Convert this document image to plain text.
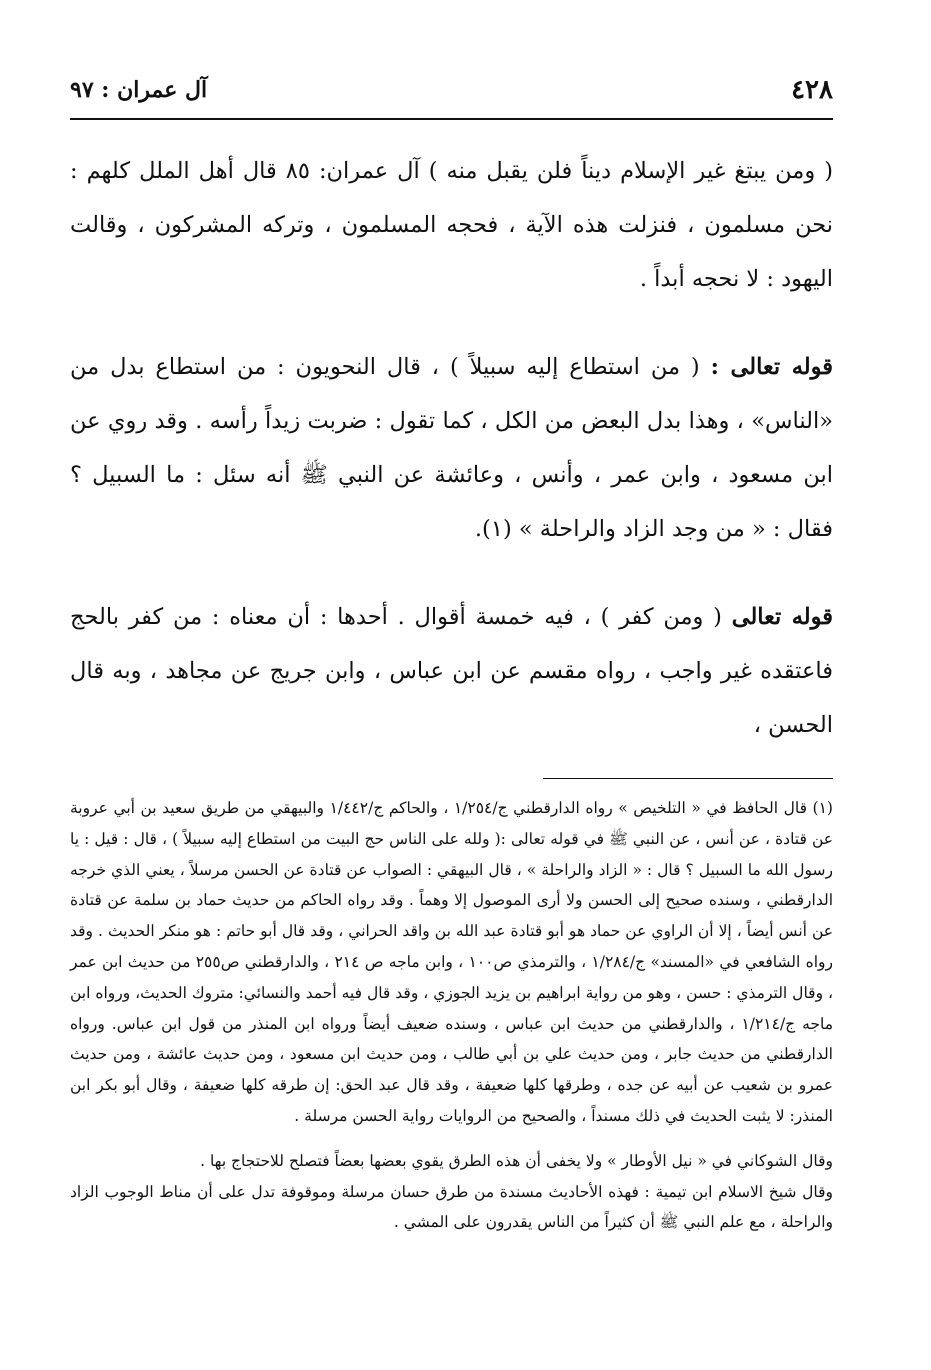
٤٢٨
آل عمران : ٩٧

( ومن يبتغ غير الإسلام ديناً فلن يقبل منه ) آل عمران: ٨٥ قال أهل الملل كلهم : نحن مسلمون ، فنزلت هذه الآية ، فحجه المسلمون ، وتركه المشركون ، وقالت اليهود : لا نحجه أبداً .

قوله تعالى : ( من استطاع إليه سبيلاً ) ، قال النحويون : من استطاع بدل من «الناس» ، وهذا بدل البعض من الكل ، كما تقول : ضربت زيداً رأسه . وقد روي عن ابن مسعود ، وابن عمر ، وأنس ، وعائشة عن النبي ﷺ أنه سئل : ما السبيل ؟ فقال : « من وجد الزاد والراحلة » (١).

قوله تعالى ( ومن كفر ) ، فيه خمسة أقوال . أحدها : أن معناه : من كفر بالحج فاعتقده غير واجب ، رواه مقسم عن ابن عباس ، وابن جريج عن مجاهد ، وبه قال الحسن ،

(١) قال الحافظ في « التلخيص » رواه الدارقطني ج/١/٢٥٤ ، والحاكم ج/١/٤٤٢ والبيهقي من طريق سعيد بن أبي عروبة عن قتادة ، عن أنس ، عن النبي ﷺ في قوله تعالى :( ولله على الناس حج البيت من استطاع إليه سبيلاً ) ، قال : قيل : يا رسول الله ما السبيل ؟ قال : « الزاد والراحلة » ، قال البيهقي : الصواب عن قتادة عن الحسن مرسلاً ، يعني الذي خرجه الدارقطني ، وسنده صحيح إلى الحسن ولا أرى الموصول إلا وهماً . وقد رواه الحاكم من حديث حماد بن سلمة عن قتادة عن أنس أيضاً ، إلا أن الراوي عن حماد هو أبو قتادة عبد الله بن واقد الحراني ، وقد قال أبو حاتم : هو منكر الحديث . وقد رواه الشافعي في «المسند» ج/١/٢٨٤ ، والترمذي ص١٠٠ ، وابن ماجه ص ٢١٤ ، والدارقطني ص٢٥٥ من حديث ابن عمر ، وقال الترمذي : حسن ، وهو من رواية ابراهيم بن يزيد الجوزي ، وقد قال فيه أحمد والنسائي: متروك الحديث، ورواه ابن ماجه ج/١/٢١٤ ، والدارقطني من حديث ابن عباس ، وسنده ضعيف أيضاً ورواه ابن المنذر من قول ابن عباس. ورواه الدارقطني من حديث جابر ، ومن حديث علي بن أبي طالب ، ومن حديث ابن مسعود ، ومن حديث عائشة ، ومن حديث عمرو بن شعيب عن أبيه عن جده ، وطرقها كلها ضعيفة ، وقد قال عبد الحق: إن طرقه كلها ضعيفة ، وقال أبو بكر ابن المنذر: لا يثبت الحديث في ذلك مسنداً ، والصحيح من الروايات رواية الحسن مرسلة .

وقال الشوكاني في « نيل الأوطار » ولا يخفى أن هذه الطرق يقوي بعضها بعضاً فتصلح للاحتجاج بها .

وقال شيخ الاسلام ابن تيمية : فهذه الأحاديث مسندة من طرق حسان مرسلة وموقوفة تدل على أن مناط الوجوب الزاد والراحلة ، مع علم النبي ﷺ أن كثيراً من الناس يقدرون على المشي .
